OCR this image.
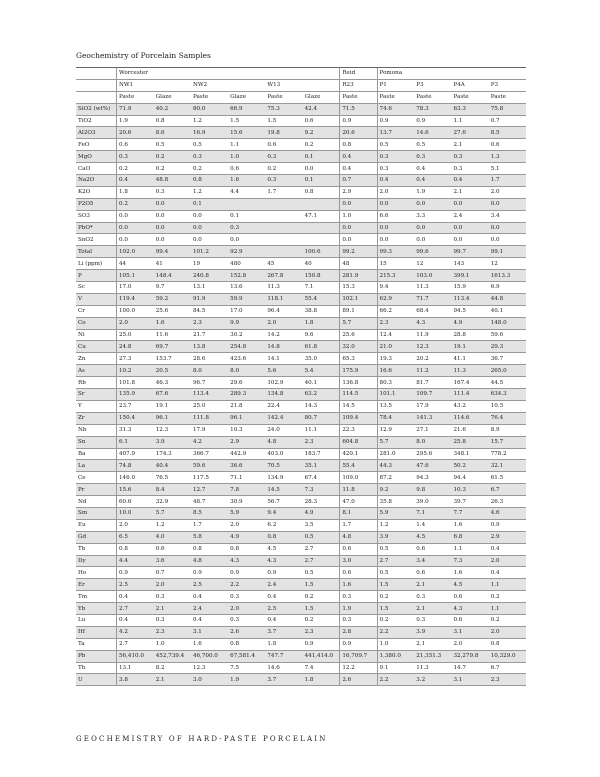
Geochemistry of Porcelain Samples
	Worcester						Reid	Pomona			
	NW1		NW2		W13		R23	P1	P3	P4A	P3
	Paste	Glaze	Paste	Glaze	Paste	Glaze	Paste	Paste	Paste	Paste	Paste
SiO2 (wt%)	71.9	40.2	80.0	66.9	75.3	42.4	71.5	74.6	78.3	63.3	75.8
TiO2	1.9	0.8	1.2	1.5	1.5	0.6	0.9	0.9	0.9	1.1	0.7
Al2O3	20.6	8.6	16.9	15.6	19.8	9.2	20.6	13.7	14.6	27.6	8.5
FeO	0.6	0.5	0.5	1.1	0.6	0.2	0.8	0.5	0.5	2.1	0.6
MgO	0.3	0.2	0.3	1.0	0.3	0.1	0.4	0.3	0.3	0.3	1.3
CaO	0.2	0.2	0.2	0.6	0.2	0.0	0.4	0.3	0.4	0.3	5.1
Na2O	0.4	48.8	0.8	1.6	0.3	0.1	0.7	0.4	0.4	0.4	1.7
K2O	1.8	0.3	1.2	4.4	1.7	0.8	2.9	2.0	1.9	2.1	2.0
P2O5	0.2	0.0	0.1				0.0	0.0	0.0	0.0	0.0
SO3	0.0	0.0	0.0	0.1		47.1	1.0	6.6	3.3	2.4	3.4
PbO*	0.0	0.0	0.0	0.3			0.0	0.0	0.0	0.0	0.0
SnO2	0.0	0.0	0.0	0.0			0.0	0.0	0.0	0.0	0.0
Total	102.0	99.4	101.2	92.9		100.6	99.2	99.3	99.6	99.7	99.1
Li (ppm)	44	41	19	480	45	40	48	15	12	143	12
P	105.1	148.4	240.8	152.8	267.8	150.8	281.9	215.3	103.0	399.1	1613.3
Sc	17.0	9.7	13.1	13.6	11.3	7.1	15.3	9.4	11.3	15.9	6.9
V	119.4	59.2	91.9	59.9	118.1	55.4	102.1	62.9	71.7	113.4	44.8
Cr	100.0	25.6	84.5	17.0	96.4	38.8	89.1	66.2	68.4	94.5	40.1
Co	2.0	1.6	2.3	9.9	2.0	1.8	5.7	2.3	4.3	4.9	148.0
Ni	25.0	11.6	21.7	30.2	14.2	9.6	25.6	12.4	11.9	28.8	59.6
Cu	24.8	69.7	13.8	254.8	14.8	61.8	32.0	21.0	12.3	19.1	29.3
Zn	27.3	153.7	28.6	423.6	14.1	35.0	65.3	19.3	20.2	41.1	36.7
As	10.2	20.5	8.0	8.0	5.6	5.4	175.9	16.6	11.2	11.3	265.0
Rb	101.8	46.3	96.7	29.6	102.9	40.1	136.8	80.3	81.7	167.4	44.5
Sr	135.9	67.6	113.4	289.3	134.8	63.2	114.5	101.1	109.7	111.4	634.3
Y	23.7	19.1	25.0	21.8	22.4	14.3	14.5	13.5	17.9	43.2	10.5
Zr	150.4	96.1	111.8	96.1	142.4	80.7	109.4	78.4	141.3	114.6	76.4
Nb	31.3	12.3	17.9	10.3	24.0	11.1	22.3	12.9	27.1	21.6	8.9
Sn	6.1	3.9	4.2	2.9	4.8	2.3	604.8	5.7	8.0	25.8	15.7
Ba	407.9	174.3	366.7	442.9	403.0	183.7	420.1	281.0	295.6	348.1	778.2
La	74.8	40.4	59.6	36.6	70.5	35.1	55.4	44.3	47.6	50.2	32.1
Ce	146.0	76.5	117.5	71.1	134.9	67.4	109.0	87.2	94.3	94.4	61.5
Pr	15.6	8.4	12.7	7.8	14.5	7.3	11.8	9.2	9.8	10.3	6.7
Nd	60.6	32.9	48.7	30.9	56.7	28.3	47.0	35.8	39.0	39.7	26.3
Sm	10.0	5.7	8.5	5.9	9.4	4.9	8.1	5.9	7.1	7.7	4.6
Eu	2.0	1.2	1.7	2.0	6.2	3.5	1.7	1.2	1.4	1.6	0.9
Gd	6.5	4.0	5.8	4.9	0.8	0.5	4.8	3.9	4.5	6.8	2.9
Tb	0.8	0.6	0.8	0.8	4.5	2.7	0.6	0.5	0.6	1.1	0.4
Dy	4.4	3.6	4.8	4.3	4.3	2.7	3.0	2.7	3.4	7.3	2.0
Ho	0.9	0.7	0.9	0.9	0.9	0.5	0.6	0.5	0.6	1.6	0.4
Er	2.5	2.0	2.5	2.2	2.4	1.5	1.6	1.5	2.1	4.5	1.1
Tm	0.4	0.3	0.4	0.3	0.4	0.2	0.3	0.2	0.3	0.6	0.2
Yb	2.7	2.1	2.4	2.0	2.5	1.5	1.9	1.5	2.1	4.3	1.1
Lu	0.4	0.3	0.4	0.3	0.4	0.2	0.3	0.2	0.3	0.6	0.2
Hf	4.2	2.3	3.1	2.6	3.7	2.3	2.8	2.2	3.9	3.1	2.0
Ta	2.7	1.0	1.6	0.8	1.8	0.9	0.9	1.0	2.1	2.0	0.8
Pb	56,410.0	452,739.4	46,700.0	67,581.4	747.7	441,414.0	16,709.7	1,380.0	21,351.3	32,279.8	10,329.0
Th	13.1	8.2	12.3	7.5	14.6	7.4	12.2	9.1	11.3	14.7	6.7
U	3.8	2.1	3.0	1.9	3.7	1.8	2.6	2.2	3.2	3.1	2.3
GEOCHEMISTRY OF HARD-PASTE PORCELAIN
